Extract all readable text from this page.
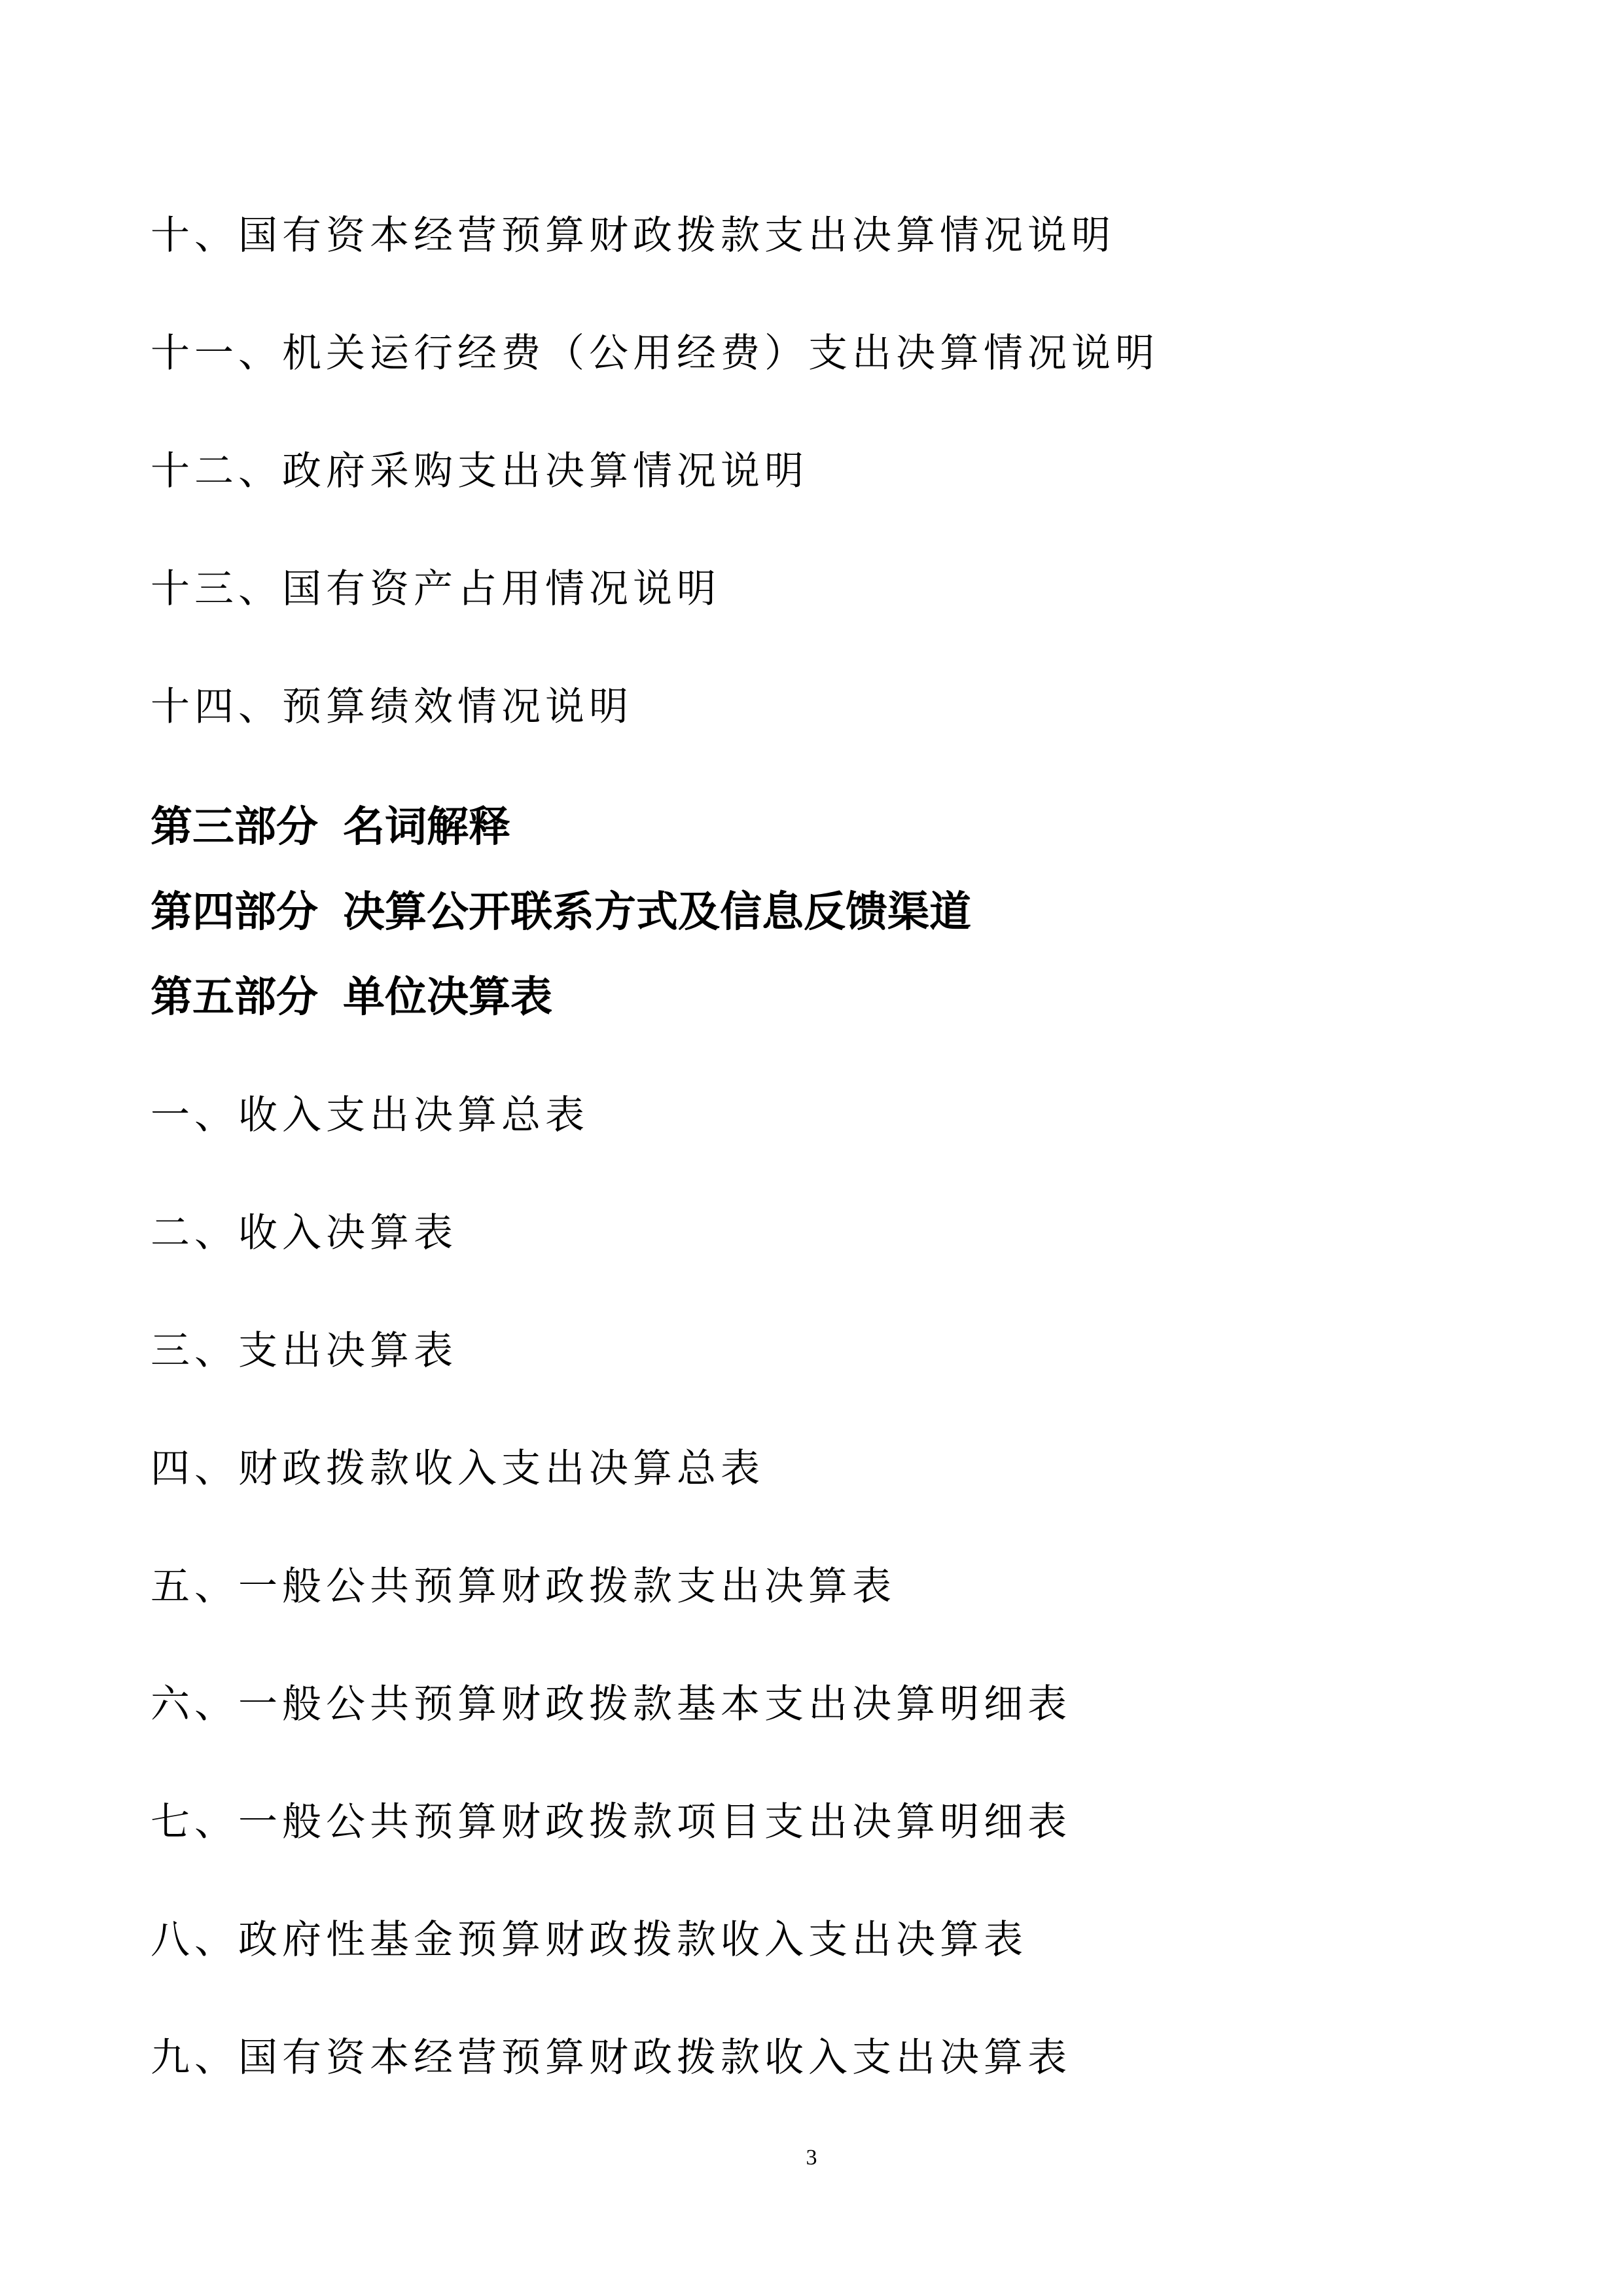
十、国有资本经营预算财政拨款支出决算情况说明
十一、机关运行经费（公用经费）支出决算情况说明
十二、政府采购支出决算情况说明
十三、国有资产占用情况说明
十四、预算绩效情况说明
第三部分 名词解释
第四部分 决算公开联系方式及信息反馈渠道
第五部分 单位决算表
一、收入支出决算总表
二、收入决算表
三、支出决算表
四、财政拨款收入支出决算总表
五、一般公共预算财政拨款支出决算表
六、一般公共预算财政拨款基本支出决算明细表
七、一般公共预算财政拨款项目支出决算明细表
八、政府性基金预算财政拨款收入支出决算表
九、国有资本经营预算财政拨款收入支出决算表
3
